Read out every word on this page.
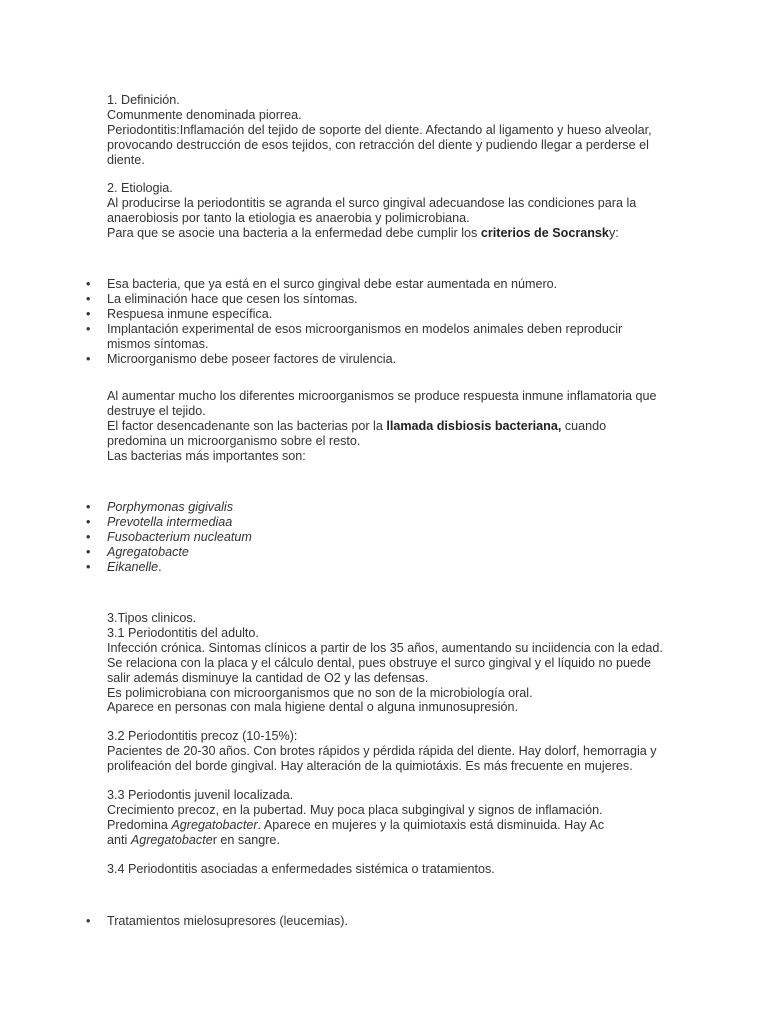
1. Definición.

Comunmente denominada piorrea.

Periodontitis:Inflamación del tejido de soporte del diente. Afectando al ligamento y hueso alveolar, provocando destrucción de esos tejidos, con retracción del diente y pudiendo llegar a perderse el diente.

2. Etiologia.

Al producirse la periodontitis se agranda el surco gingival adecuandose las condiciones para la anaerobiosis por tanto la etiologia es anaerobia y polimicrobiana.

Para que se asocie una bacteria a la enfermedad debe cumplir los criterios de Socransky:

•	Esa bacteria, que ya está en el surco gingival debe estar aumentada en número.
•	La eliminación hace que cesen los síntomas.
•	Respuesa inmune específica.
•	Implantación experimental de esos microorganismos en modelos animales deben reproducir mismos síntomas.
•	Microorganismo debe poseer factores de virulencia.

Al aumentar mucho los diferentes microorganismos se produce respuesta inmune inflamatoria que destruye el tejido.

El factor desencadenante son las bacterias por la llamada disbiosis bacteriana, cuando predomina un microorganismo sobre el resto.

Las bacterias más importantes son:

•	Porphymonas gigivalis
•	Prevotella intermediaa
•	Fusobacterium nucleatum
•	Agregatobacte
•	Eikanelle.

3.Tipos clinicos.

3.1 Periodontitis del adulto.

Infección crónica. Sintomas clínicos a partir de los 35 años, aumentando su inciidencia con la edad.

Se relaciona con la placa y el cálculo dental, pues obstruye el surco gingival y el líquido no puede salir además disminuye la cantidad de O2 y las defensas.

Es polimicrobiana con microorganismos que no son de la microbiología oral.

Aparece en personas con mala higiene dental o alguna inmunosupresión.

3.2 Periodontitis precoz (10-15%):

Pacientes de 20-30 años. Con brotes rápidos y pérdida rápida del diente. Hay dolorf, hemorragia y prolifeación del borde gingival. Hay alteración de la quimiotáxis. Es más frecuente en mujeres.

3.3 Periodontis juvenil localizada.

Crecimiento precoz, en la pubertad. Muy poca placa subgingival y signos de inflamación.

Predomina Agregatobacter. Aparece en mujeres y la quimiotaxis está disminuida. Hay Ac

anti Agregatobacter en sangre.

3.4 Periodontitis asociadas a enfermedades sistémica o tratamientos.

•	Tratamientos mielosupresores (leucemias).
